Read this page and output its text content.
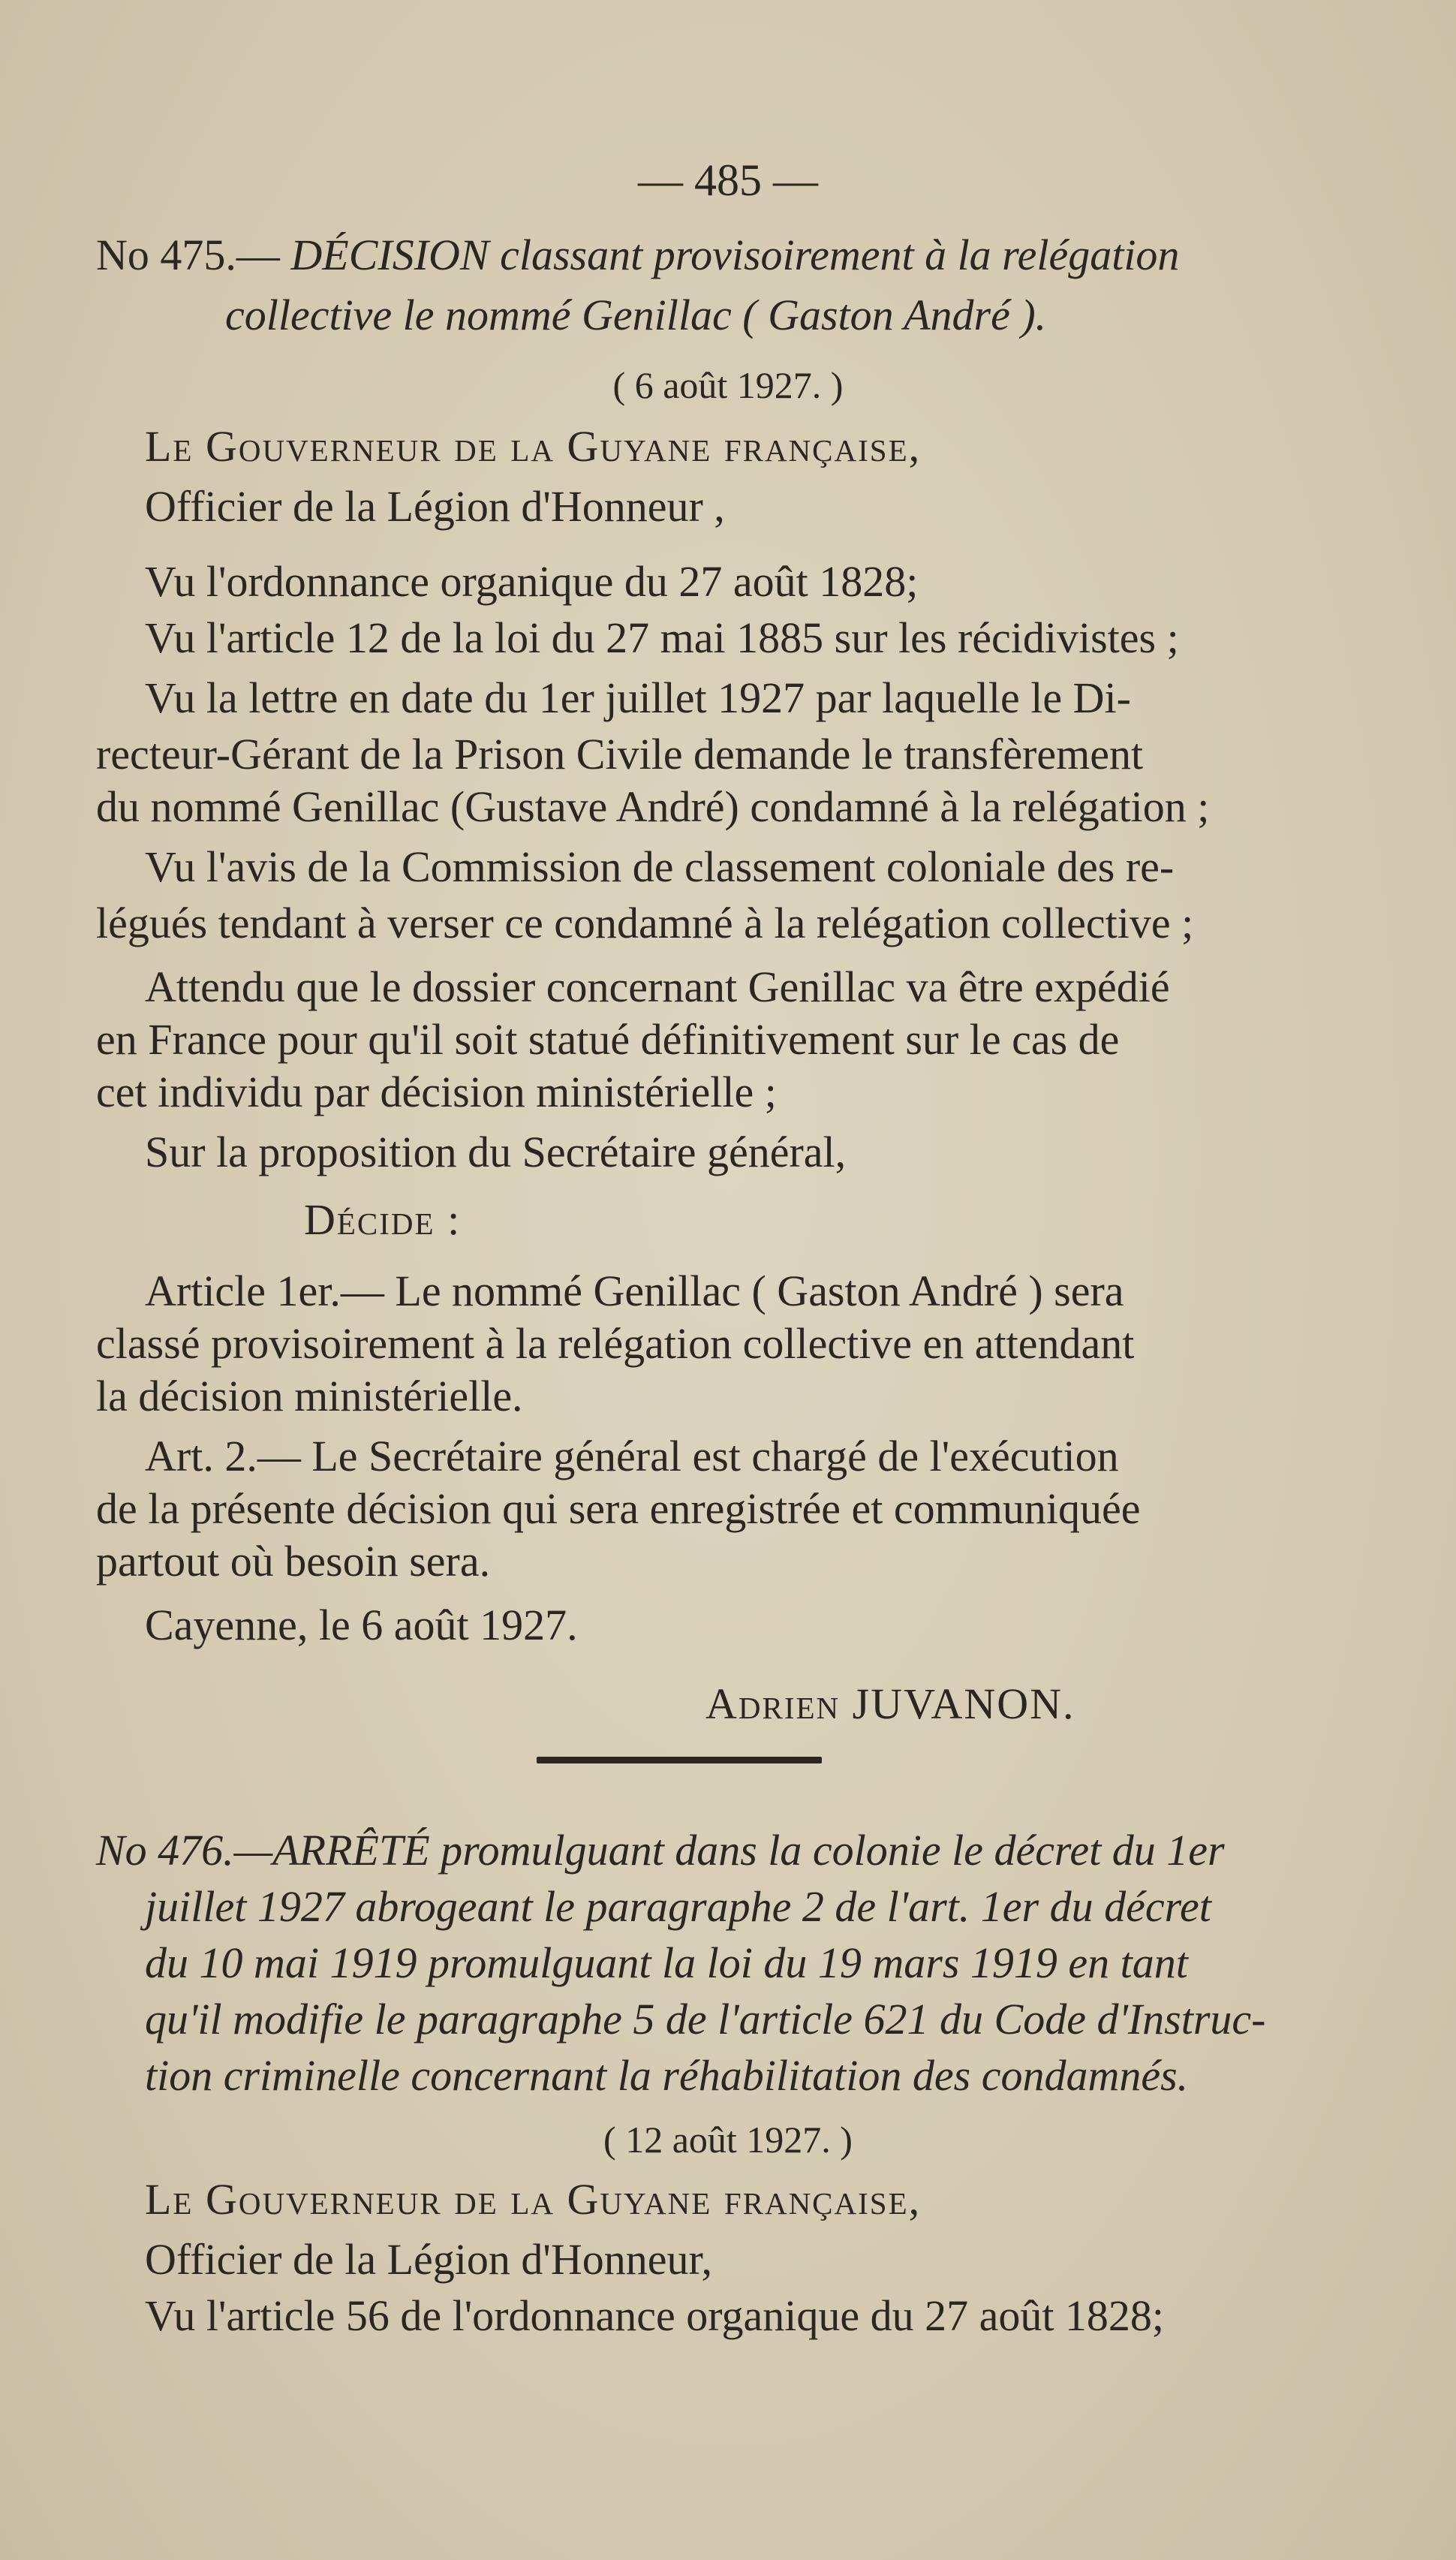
— 485 —
No 475.— DÉCISION classant provisoirement à la relégation
collective le nommé Genillac ( Gaston André ).
( 6 août 1927. )
Le Gouverneur de la Guyane française,
Officier de la Légion d'Honneur ,
Vu l'ordonnance organique du 27 août 1828;
Vu l'article 12 de la loi du 27 mai 1885 sur les récidivistes ;
Vu la lettre en date du 1er juillet 1927 par laquelle le Di-
recteur-Gérant de la Prison Civile demande le transfèrement
du nommé Genillac (Gustave André) condamné à la relégation ;
Vu l'avis de la Commission de classement coloniale des re-
légués tendant à verser ce condamné à la relégation collective ;
Attendu que le dossier concernant Genillac va être expédié
en France pour qu'il soit statué définitivement sur le cas de
cet individu par décision ministérielle ;
Sur la proposition du Secrétaire général,
Décide :
Article 1er.— Le nommé Genillac ( Gaston André ) sera
classé provisoirement à la relégation collective en attendant
la décision ministérielle.
Art. 2.— Le Secrétaire général est chargé de l'exécution
de la présente décision qui sera enregistrée et communiquée
partout où besoin sera.
Cayenne, le 6 août 1927.
Adrien JUVANON.
No 476.—ARRÊTÉ promulguant dans la colonie le décret du 1er
juillet 1927 abrogeant le paragraphe 2 de l'art. 1er du décret
du 10 mai 1919 promulguant la loi du 19 mars 1919 en tant
qu'il modifie le paragraphe 5 de l'article 621 du Code d'Instruc-
tion criminelle concernant la réhabilitation des condamnés.
( 12 août 1927. )
Le Gouverneur de la Guyane française,
Officier de la Légion d'Honneur,
Vu l'article 56 de l'ordonnance organique du 27 août 1828;
